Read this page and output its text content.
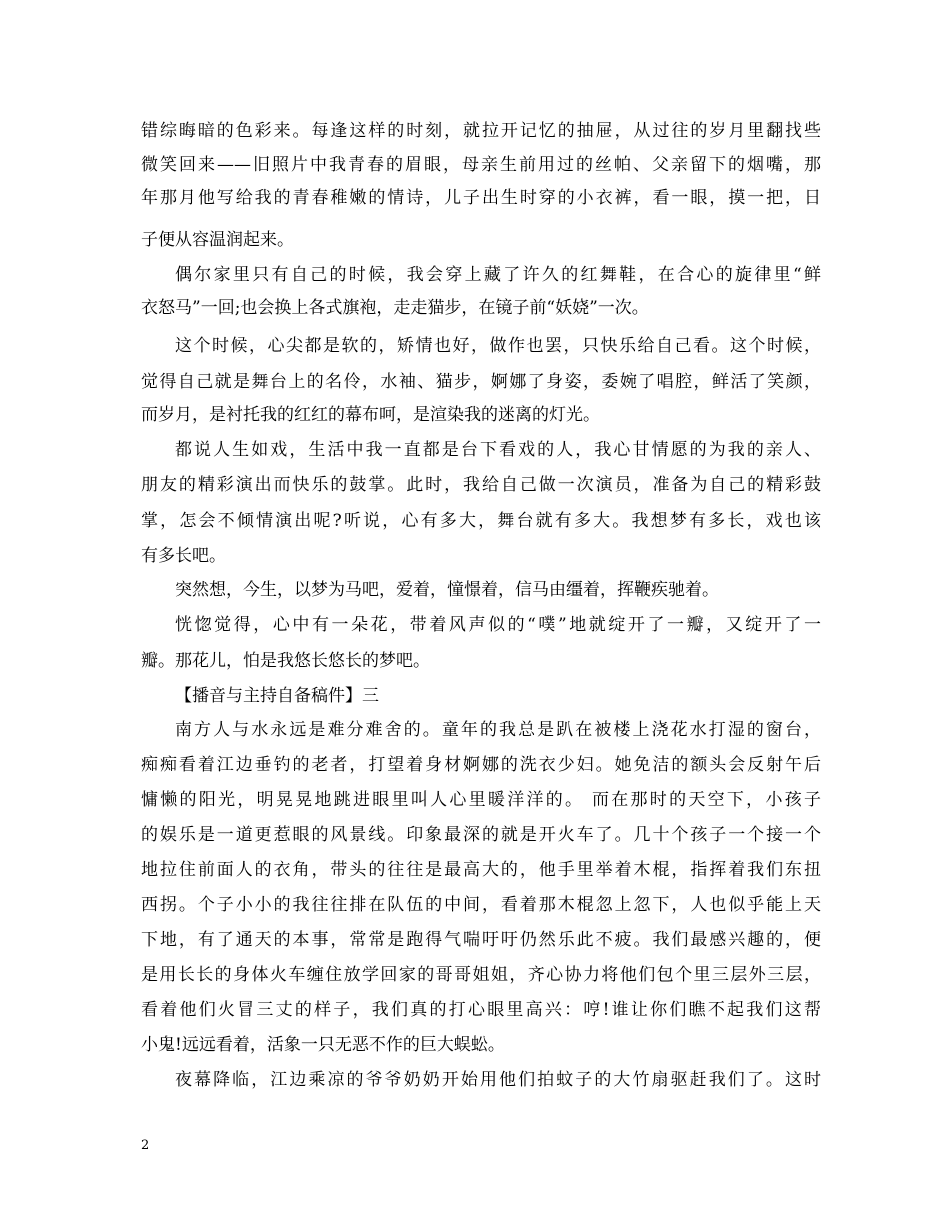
错综晦暗的色彩来。每逢这样的时刻，就拉开记忆的抽屉，从过往的岁月里翻找些
微笑回来——旧照片中我青春的眉眼，母亲生前用过的丝帕、父亲留下的烟嘴，那
年那月他写给我的青春稚嫩的情诗，儿子出生时穿的小衣裤，看一眼，摸一把，日
子便从容温润起来。
偶尔家里只有自己的时候，我会穿上藏了许久的红舞鞋，在合心的旋律里“鲜
衣怒马”一回;也会换上各式旗袍，走走猫步，在镜子前“妖娆”一次。
这个时候，心尖都是软的，矫情也好，做作也罢，只快乐给自己看。这个时候，
觉得自己就是舞台上的名伶，水袖、猫步，婀娜了身姿，委婉了唱腔，鲜活了笑颜，
而岁月，是衬托我的红红的幕布呵，是渲染我的迷离的灯光。
都说人生如戏，生活中我一直都是台下看戏的人，我心甘情愿的为我的亲人、
朋友的精彩演出而快乐的鼓掌。此时，我给自己做一次演员，准备为自己的精彩鼓
掌，怎会不倾情演出呢?听说，心有多大，舞台就有多大。我想梦有多长，戏也该
有多长吧。
突然想，今生，以梦为马吧，爱着，憧憬着，信马由缰着，挥鞭疾驰着。
恍惚觉得，心中有一朵花，带着风声似的“噗”地就绽开了一瓣，又绽开了一
瓣。那花儿，怕是我悠长悠长的梦吧。
【播音与主持自备稿件】三
南方人与水永远是难分难舍的。童年的我总是趴在被楼上浇花水打湿的窗台，
痴痴看着江边垂钓的老者，打望着身材婀娜的洗衣少妇。她免洁的额头会反射午后
慵懒的阳光，明晃晃地跳进眼里叫人心里暖洋洋的。 而在那时的天空下，小孩子
的娱乐是一道更惹眼的风景线。印象最深的就是开火车了。几十个孩子一个接一个
地拉住前面人的衣角，带头的往往是最高大的，他手里举着木棍，指挥着我们东扭
西拐。个子小小的我往往排在队伍的中间，看着那木棍忽上忽下，人也似乎能上天
下地，有了通天的本事，常常是跑得气喘吁吁仍然乐此不疲。我们最感兴趣的，便
是用长长的身体火车缠住放学回家的哥哥姐姐，齐心协力将他们包个里三层外三层，
看着他们火冒三丈的样子，我们真的打心眼里高兴：哼!谁让你们瞧不起我们这帮
小鬼!远远看着，活象一只无恶不作的巨大蜈蚣。
夜幕降临，江边乘凉的爷爷奶奶开始用他们拍蚊子的大竹扇驱赶我们了。这时
2
